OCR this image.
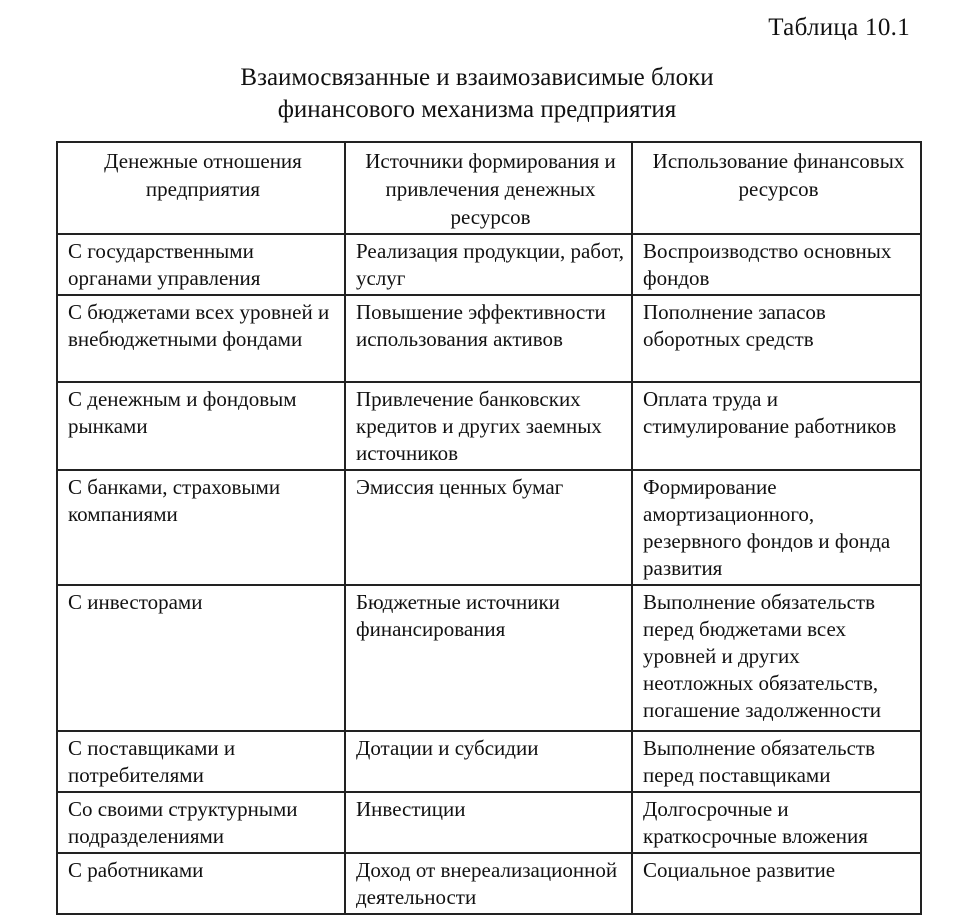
Таблица 10.1
Взаимосвязанные и взаимозависимые блоки
финансового механизма предприятия
Денежные отношения предприятия	Источники формирования и привлечения денежных ресурсов	Использование финансовых ресурсов
С государственными органами управления	Реализация продукции, работ, услуг	Воспроизводство основных фондов
С бюджетами всех уровней и внебюджетными фондами	Повышение эффективности использования активов	Пополнение запасов оборотных средств
С денежным и фондовым рынками	Привлечение банковских кредитов и других заемных источников	Оплата труда и стимулирование работников
С банками, страховыми компаниями	Эмиссия ценных бумаг	Формирование амортизационного, резервного фондов и фонда развития
С инвесторами	Бюджетные источники финансирования	Выполнение обязательств перед бюджетами всех уровней и других неотложных обязательств, погашение задолженности
С поставщиками и потребителями	Дотации и субсидии	Выполнение обязательств перед поставщиками
Со своими структурными подразделениями	Инвестиции	Долгосрочные и краткосрочные вложения
С работниками	Доход от внереализационной деятельности	Социальное развитие
